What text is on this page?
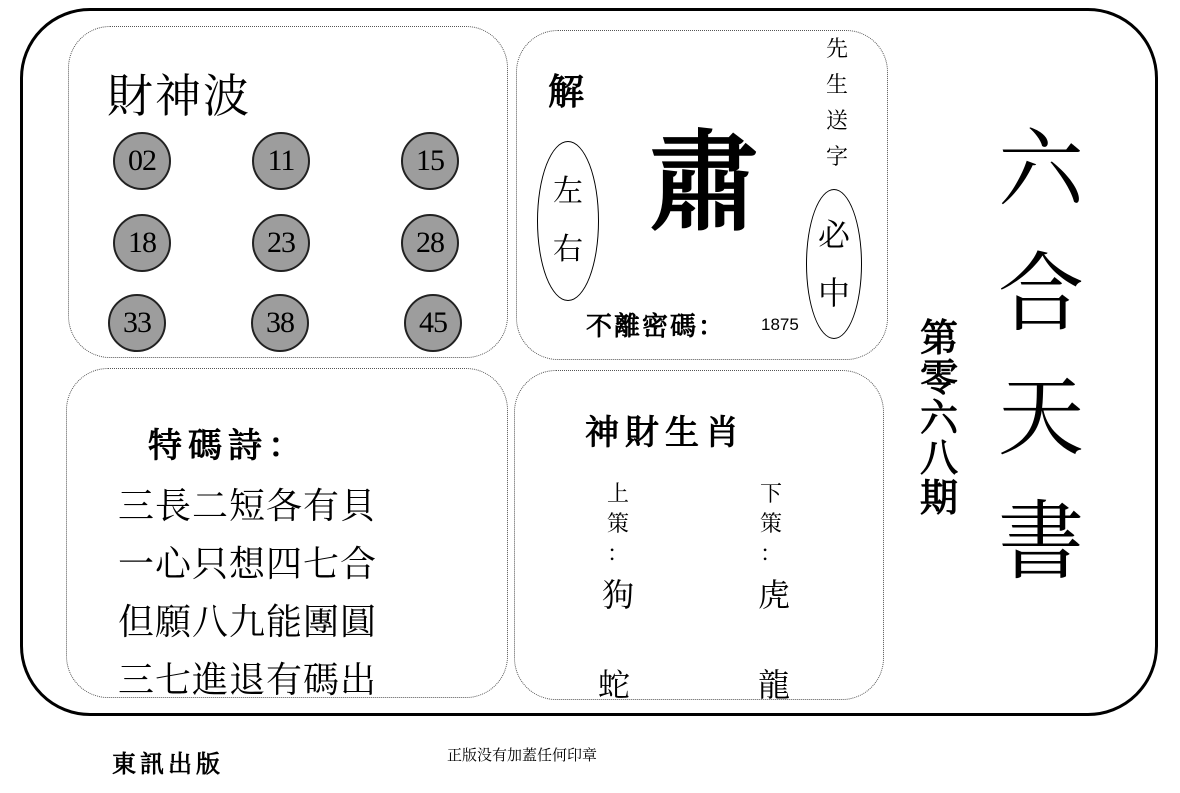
財神波
02	11	15
18	23	28
33	38	45
解
左
右
肅
先
生
送
字
必
中
不離密碼： 1875
特碼詩：
三長二短各有貝
一心只想四七合
但願八九能團圓
三七進退有碼出
神財生肖
上
策
：
下
策
：
狗
蛇
虎
龍
第
零
六
八
期
六
合
天
書
東訊出版	正版没有加蓋任何印章
